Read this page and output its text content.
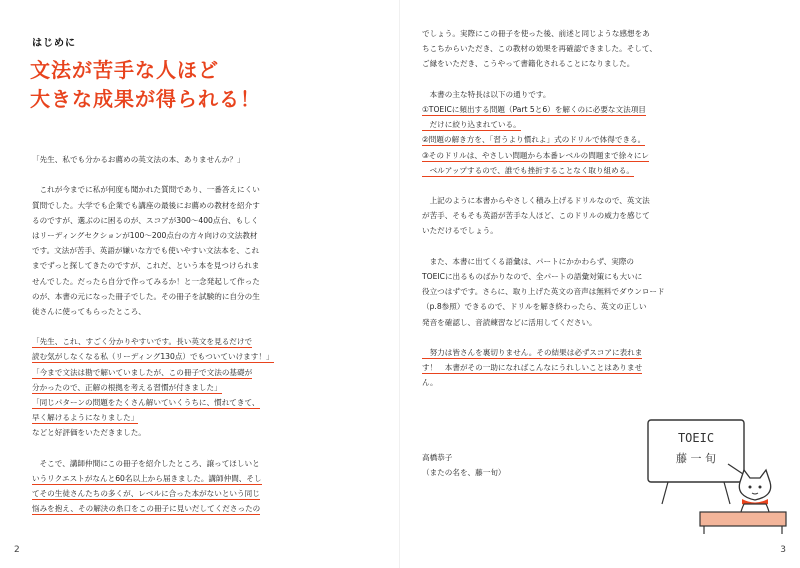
はじめに
文法が苦手な人ほど
大きな成果が得られる！
「先生、私でも分かるお薦めの英文法の本、ありませんか？」
　これが今までに私が何度も聞かれた質問であり、一番答えにくい
質問でした。大学でも企業でも講座の最後にお薦めの教材を紹介す
るのですが、選ぶのに困るのが、スコアが300～400点台、もしく
はリーディングセクションが100～200点台の方々向けの文法教材
です。文法が苦手、英語が嫌いな方でも使いやすい文法本を、これ
までずっと探してきたのですが、これだ、という本を見つけられま
せんでした。だったら自分で作ってみるか！と一念発起して作った
のが、本書の元になった冊子でした。その冊子を試験的に自分の生
徒さんに使ってもらったところ、
「先生、これ、すごく分かりやすいです。長い英文を見るだけで
読む気がしなくなる私（リーディング130点）でもついていけます！」
「今まで文法は勘で解いていましたが、この冊子で文法の基礎が
分かったので、正解の根拠を考える習慣が付きました」
「同じパターンの問題をたくさん解いていくうちに、慣れてきて、
早く解けるようになりました」
などと好評価をいただきました。
　そこで、講師仲間にこの冊子を紹介したところ、譲ってほしいと
いうリクエストがなんと60名以上から届きました。講師仲間、そし
てその生徒さんたちの多くが、レベルに合った本がないという同じ
悩みを抱え、その解決の糸口をこの冊子に見いだしてくださったの
2
でしょう。実際にこの冊子を使った後、前述と同じような感想をあ
ちこちからいただき、この教材の効果を再確認できました。そして、
ご縁をいただき、こうやって書籍化されることになりました。
　本書の主な特長は以下の通りです。
①TOEICに頻出する問題（Part 5と6）を解くのに必要な文法項目
　だけに絞り込まれている。
②問題の解き方を、「習うより慣れよ」式のドリルで体得できる。
③そのドリルは、やさしい問題から本番レベルの問題まで徐々にレ
　ベルアップするので、誰でも挫折することなく取り組める。
　上記のように本書からやさしく積み上げるドリルなので、英文法
が苦手、そもそも英語が苦手な人ほど、このドリルの威力を感じて
いただけるでしょう。
　また、本書に出てくる語彙は、パートにかかわらず、実際の
TOEICに出るものばかりなので、全パートの語彙対策にも大いに
役立つはずです。さらに、取り上げた英文の音声は無料でダウンロード
（p.8参照）できるので、ドリルを解き終わったら、英文の正しい
発音を確認し、音読練習などに活用してください。
　努力は皆さんを裏切りません。その結果は必ずスコアに表れま
す！　本書がその一助になればこんなにうれしいことはありませ
ん。
高橋恭子
（またの名を、藤一旬）
TOEIC
藤 一 旬
3
